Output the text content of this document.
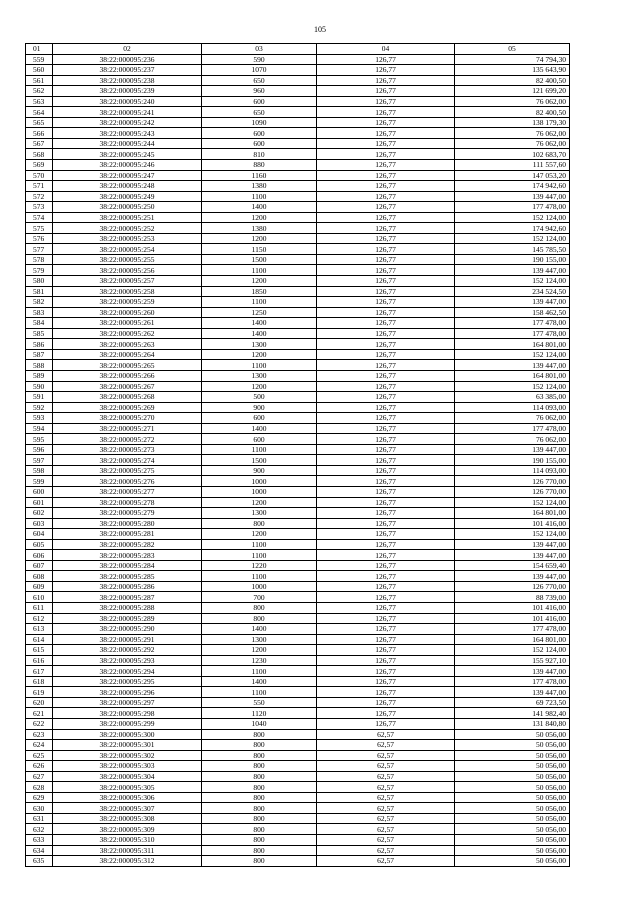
105
01	02	03	04	05
559	38:22:000095:236	590	126,77	74 794,30
560	38:22:000095:237	1070	126,77	135 643,90
561	38:22:000095:238	650	126,77	82 400,50
562	38:22:000095:239	960	126,77	121 699,20
563	38:22:000095:240	600	126,77	76 062,00
564	38:22:000095:241	650	126,77	82 400,50
565	38:22:000095:242	1090	126,77	138 179,30
566	38:22:000095:243	600	126,77	76 062,00
567	38:22:000095:244	600	126,77	76 062,00
568	38:22:000095:245	810	126,77	102 683,70
569	38:22:000095:246	880	126,77	111 557,60
570	38:22:000095:247	1160	126,77	147 053,20
571	38:22:000095:248	1380	126,77	174 942,60
572	38:22:000095:249	1100	126,77	139 447,00
573	38:22:000095:250	1400	126,77	177 478,00
574	38:22:000095:251	1200	126,77	152 124,00
575	38:22:000095:252	1380	126,77	174 942,60
576	38:22:000095:253	1200	126,77	152 124,00
577	38:22:000095:254	1150	126,77	145 785,50
578	38:22:000095:255	1500	126,77	190 155,00
579	38:22:000095:256	1100	126,77	139 447,00
580	38:22:000095:257	1200	126,77	152 124,00
581	38:22:000095:258	1850	126,77	234 524,50
582	38:22:000095:259	1100	126,77	139 447,00
583	38:22:000095:260	1250	126,77	158 462,50
584	38:22:000095:261	1400	126,77	177 478,00
585	38:22:000095:262	1400	126,77	177 478,00
586	38:22:000095:263	1300	126,77	164 801,00
587	38:22:000095:264	1200	126,77	152 124,00
588	38:22:000095:265	1100	126,77	139 447,00
589	38:22:000095:266	1300	126,77	164 801,00
590	38:22:000095:267	1200	126,77	152 124,00
591	38:22:000095:268	500	126,77	63 385,00
592	38:22:000095:269	900	126,77	114 093,00
593	38:22:000095:270	600	126,77	76 062,00
594	38:22:000095:271	1400	126,77	177 478,00
595	38:22:000095:272	600	126,77	76 062,00
596	38:22:000095:273	1100	126,77	139 447,00
597	38:22:000095:274	1500	126,77	190 155,00
598	38:22:000095:275	900	126,77	114 093,00
599	38:22:000095:276	1000	126,77	126 770,00
600	38:22:000095:277	1000	126,77	126 770,00
601	38:22:000095:278	1200	126,77	152 124,00
602	38:22:000095:279	1300	126,77	164 801,00
603	38:22:000095:280	800	126,77	101 416,00
604	38:22:000095:281	1200	126,77	152 124,00
605	38:22:000095:282	1100	126,77	139 447,00
606	38:22:000095:283	1100	126,77	139 447,00
607	38:22:000095:284	1220	126,77	154 659,40
608	38:22:000095:285	1100	126,77	139 447,00
609	38:22:000095:286	1000	126,77	126 770,00
610	38:22:000095:287	700	126,77	88 739,00
611	38:22:000095:288	800	126,77	101 416,00
612	38:22:000095:289	800	126,77	101 416,00
613	38:22:000095:290	1400	126,77	177 478,00
614	38:22:000095:291	1300	126,77	164 801,00
615	38:22:000095:292	1200	126,77	152 124,00
616	38:22:000095:293	1230	126,77	155 927,10
617	38:22:000095:294	1100	126,77	139 447,00
618	38:22:000095:295	1400	126,77	177 478,00
619	38:22:000095:296	1100	126,77	139 447,00
620	38:22:000095:297	550	126,77	69 723,50
621	38:22:000095:298	1120	126,77	141 982,40
622	38:22:000095:299	1040	126,77	131 840,80
623	38:22:000095:300	800	62,57	50 056,00
624	38:22:000095:301	800	62,57	50 056,00
625	38:22:000095:302	800	62,57	50 056,00
626	38:22:000095:303	800	62,57	50 056,00
627	38:22:000095:304	800	62,57	50 056,00
628	38:22:000095:305	800	62,57	50 056,00
629	38:22:000095:306	800	62,57	50 056,00
630	38:22:000095:307	800	62,57	50 056,00
631	38:22:000095:308	800	62,57	50 056,00
632	38:22:000095:309	800	62,57	50 056,00
633	38:22:000095:310	800	62,57	50 056,00
634	38:22:000095:311	800	62,57	50 056,00
635	38:22:000095:312	800	62,57	50 056,00
